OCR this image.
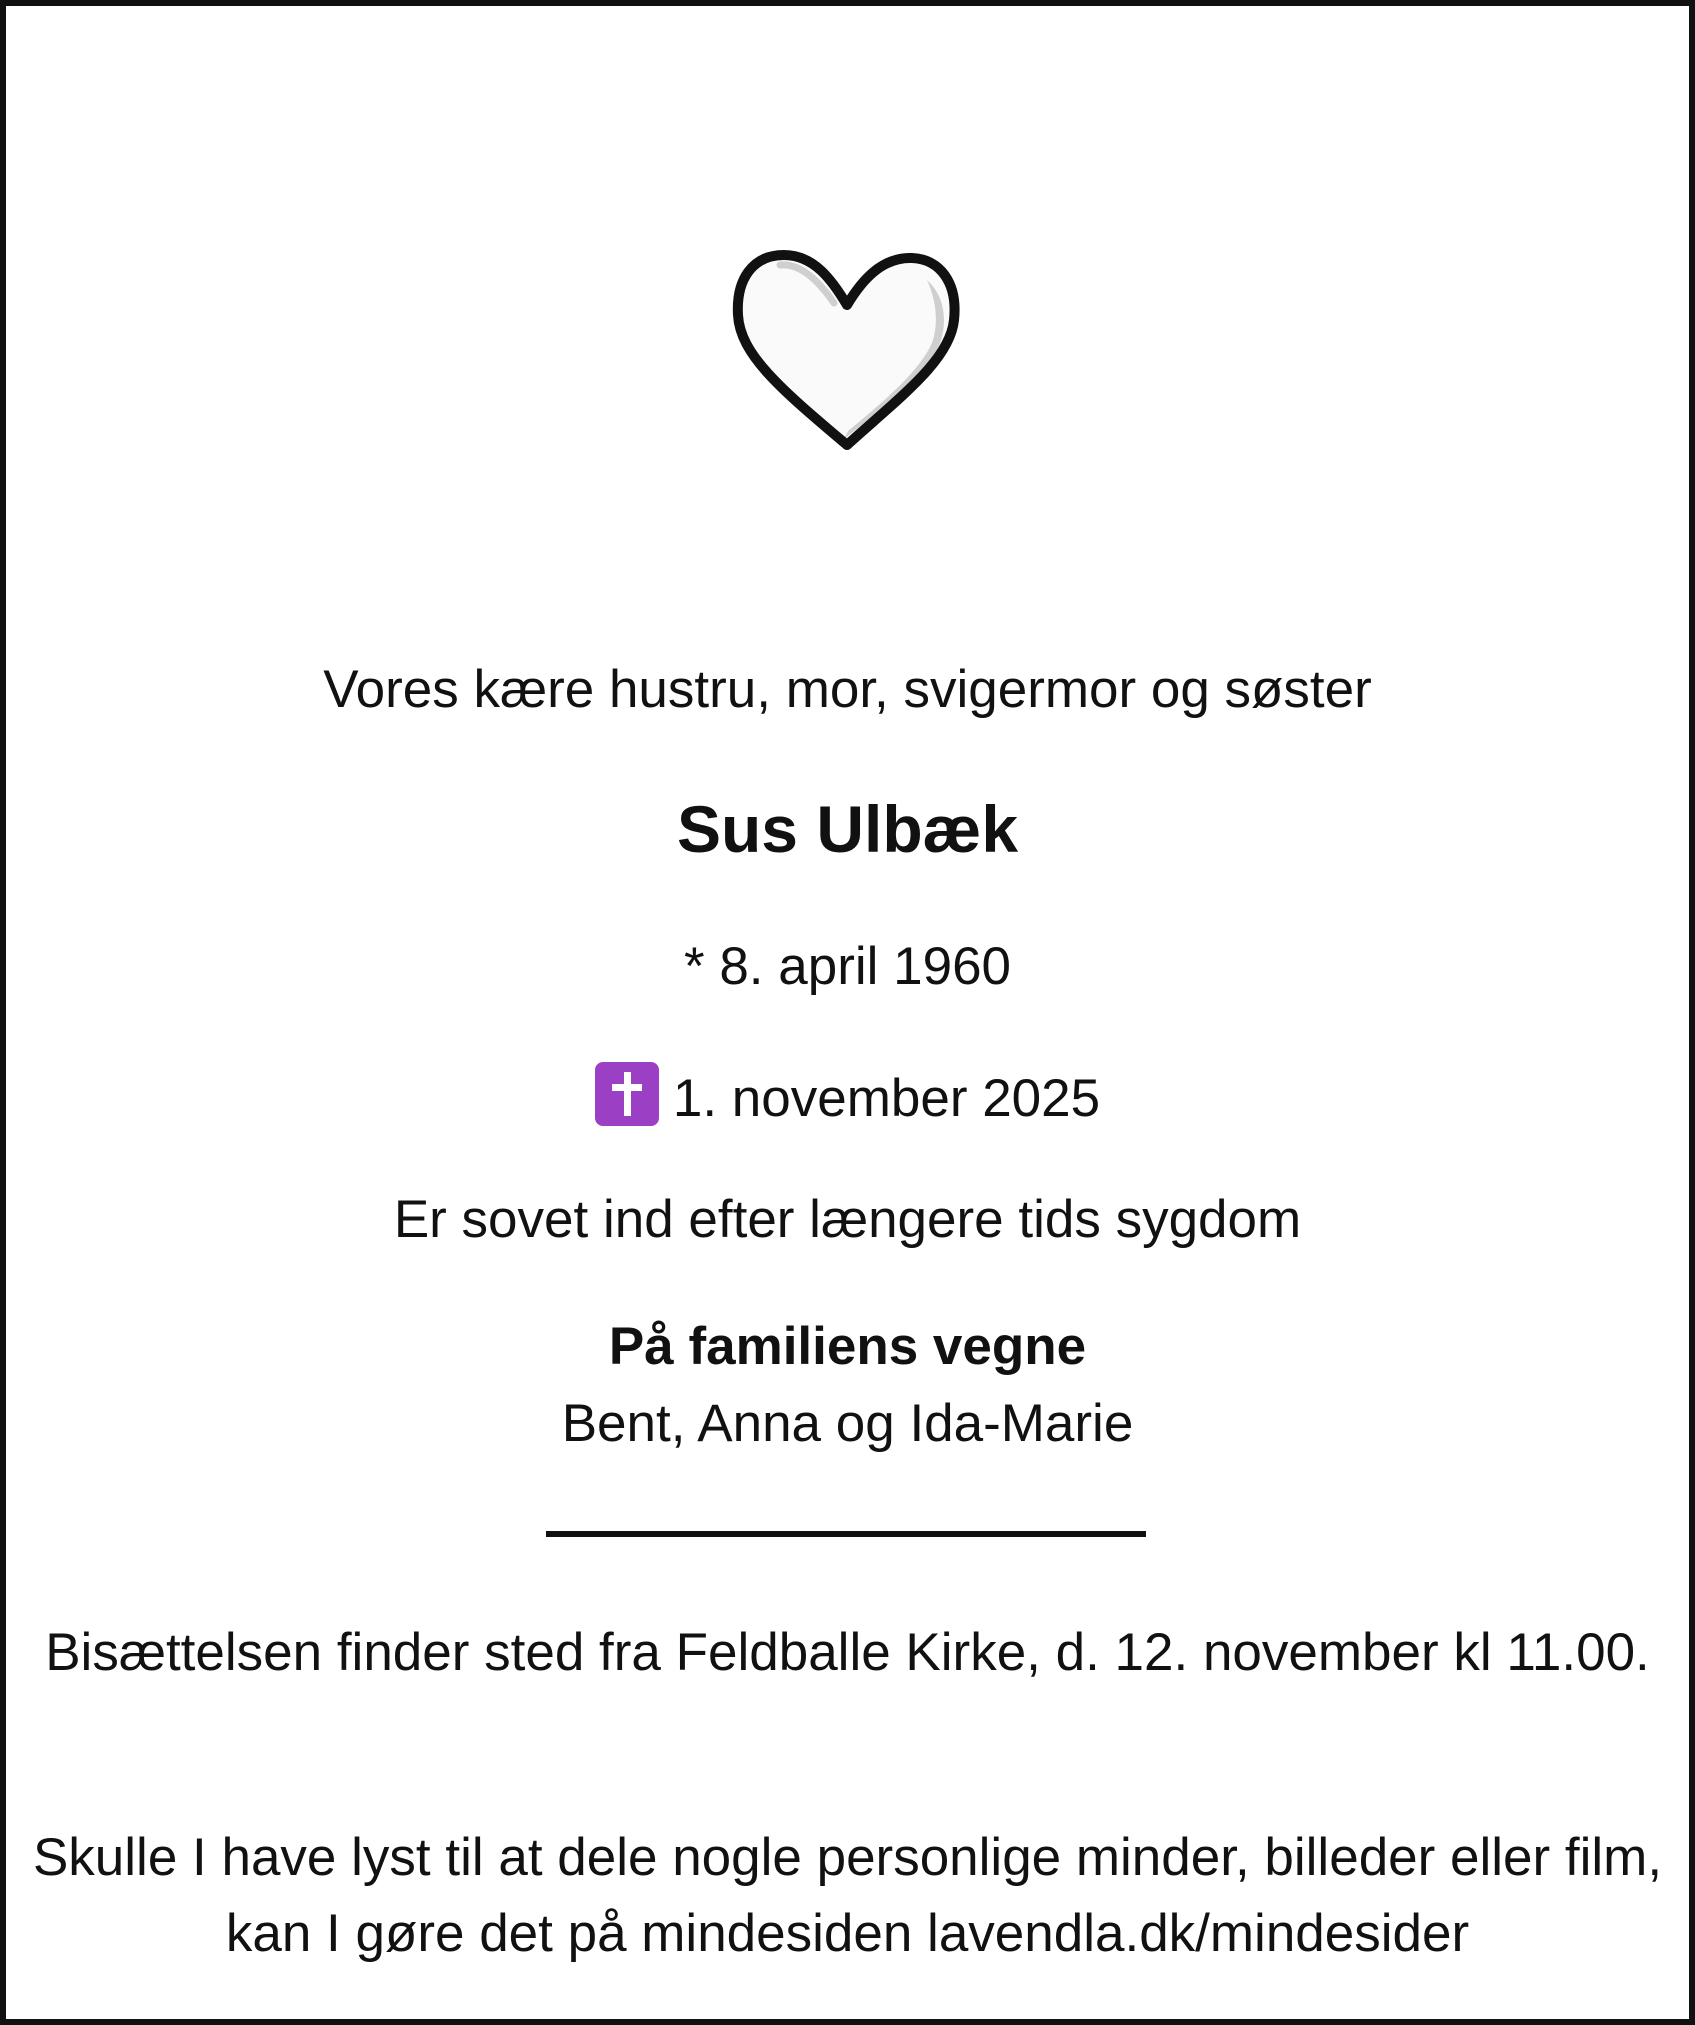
Vores kære hustru, mor, svigermor og søster
Sus Ulbæk
* 8. april 1960
1. november 2025
Er sovet ind efter længere tids sygdom
På familiens vegne
Bent, Anna og Ida-Marie
Bisættelsen finder sted fra Feldballe Kirke, d. 12. november kl 11.00.
Skulle I have lyst til at dele nogle personlige minder, billeder eller film, kan I gøre det på mindesiden lavendla.dk/mindesider
